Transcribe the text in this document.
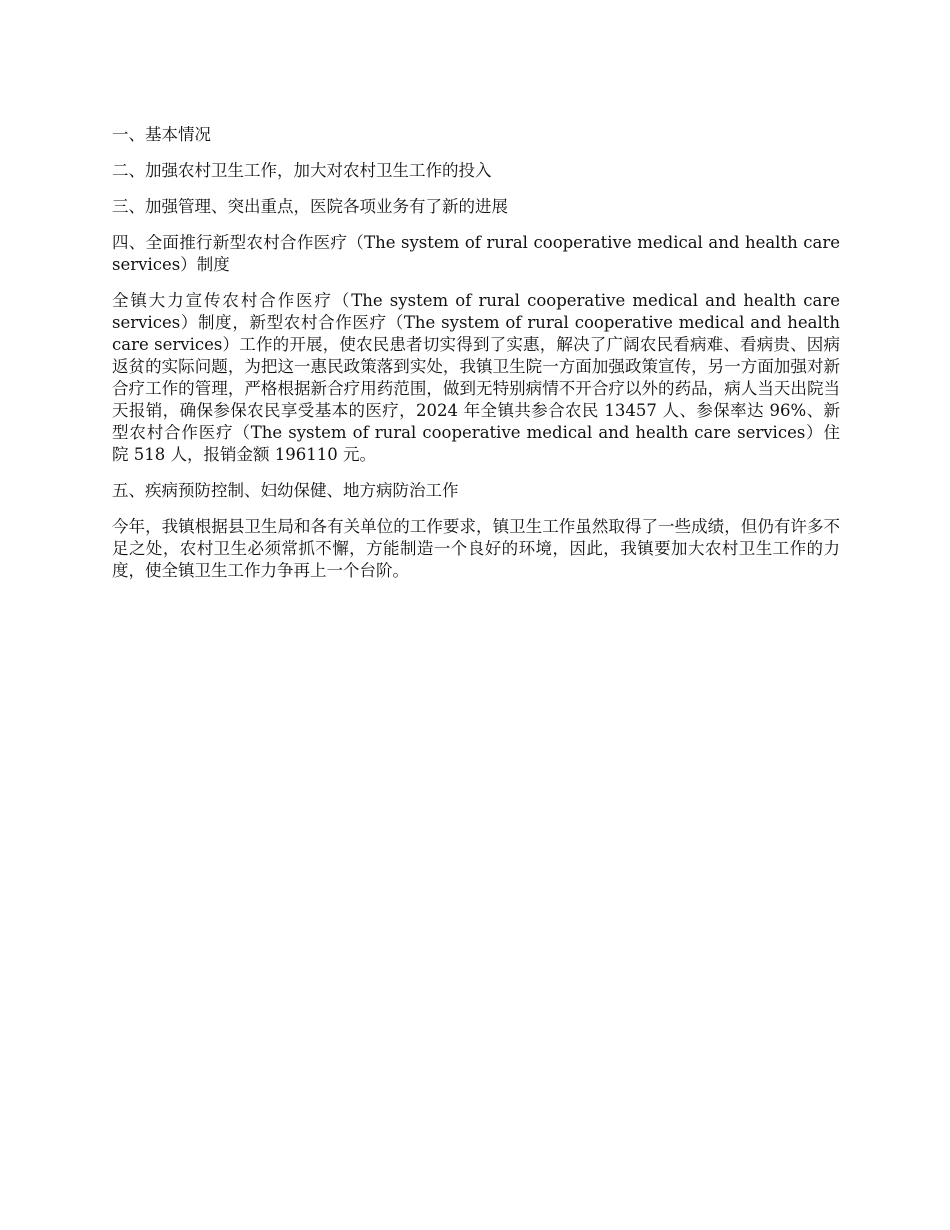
一、基本情况

二、加强农村卫生工作，加大对农村卫生工作的投入

三、加强管理、突出重点，医院各项业务有了新的进展

四、全面推行新型农村合作医疗（The system of rural cooperative medical and health care services）制度

全镇大力宣传农村合作医疗（The system of rural cooperative medical and health care services）制度，新型农村合作医疗（The system of rural cooperative medical and health care services）工作的开展，使农民患者切实得到了实惠，解决了广阔农民看病难、看病贵、因病返贫的实际问题，为把这一惠民政策落到实处，我镇卫生院一方面加强政策宣传，另一方面加强对新合疗工作的管理，严格根据新合疗用药范围，做到无特别病情不开合疗以外的药品，病人当天出院当天报销，确保参保农民享受基本的医疗，2024 年全镇共参合农民 13457 人、参保率达 96%、新型农村合作医疗（The system of rural cooperative medical and health care services）住院 518 人，报销金额 196110 元。

五、疾病预防控制、妇幼保健、地方病防治工作

今年，我镇根据县卫生局和各有关单位的工作要求，镇卫生工作虽然取得了一些成绩，但仍有许多不足之处，农村卫生必须常抓不懈，方能制造一个良好的环境，因此，我镇要加大农村卫生工作的力度，使全镇卫生工作力争再上一个台阶。
